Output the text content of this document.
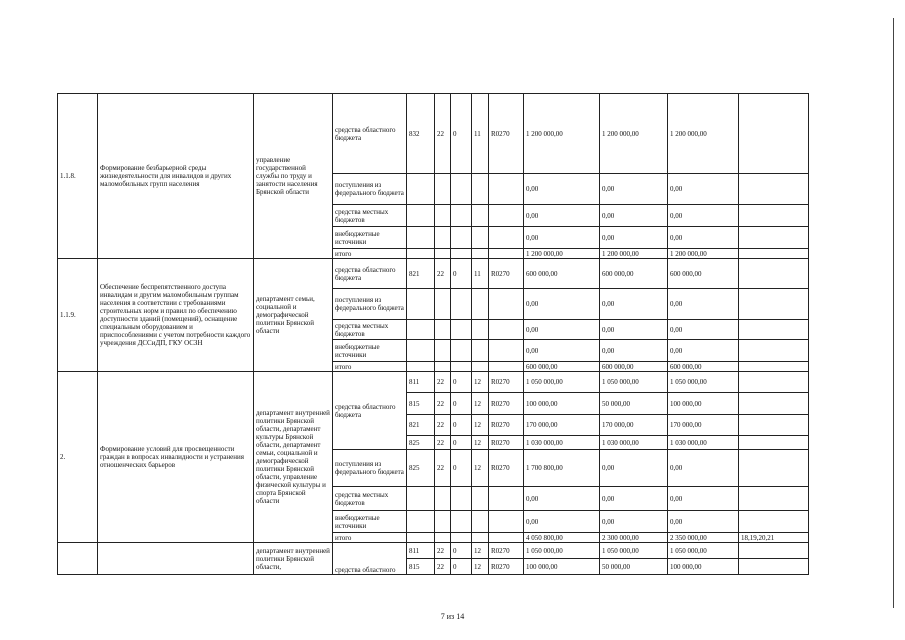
1.1.8.	Формирование безбарьерной среды жизнедеятельности для инвалидов и других маломобильных групп населения	управление государственной службы по труду и занятости населения Брянской области	средства областного бюджета	832	22	0	11	R0270	1 200 000,00	1 200 000,00	1 200 000,00	
			поступления из федерального бюджета						0,00	0,00	0,00	
			средства местных бюджетов						0,00	0,00	0,00	
			внебюджетные источники						0,00	0,00	0,00	
			итого						1 200 000,00	1 200 000,00	1 200 000,00	
1.1.9.	Обеспечение беспрепятственного доступа инвалидам и другим маломобильным группам населения в соответствии с требованиями строительных норм и правил по обеспечению доступности зданий (помещений), оснащение специальным оборудованием и приспособлениями с учетом потребности каждого учреждения ДССиДП, ГКУ ОСЗН	департамент семьи, социальной и демографической политики Брянской области	средства областного бюджета	821	22	0	11	R0270	600 000,00	600 000,00	600 000,00	
			поступления из федерального бюджета						0,00	0,00	0,00	
			средства местных бюджетов						0,00	0,00	0,00	
			внебюджетные источники						0,00	0,00	0,00	
			итого						600 000,00	600 000,00	600 000,00	
2.	Формирование условий для просвещенности граждан в вопросах инвалидности и устранения отношенческих барьеров	департамент внутренней политики Брянской области, департамент культуры Брянской области, департамент семьи, социальной и демографической политики Брянской области, управление физической культуры и спорта Брянской области	средства областного бюджета	811	22	0	12	R0270	1 050 000,00	1 050 000,00	1 050 000,00	
				815	22	0	12	R0270	100 000,00	50 000,00	100 000,00	
				821	22	0	12	R0270	170 000,00	170 000,00	170 000,00	
				825	22	0	12	R0270	1 030 000,00	1 030 000,00	1 030 000,00	
			поступления из федерального бюджета	825	22	0	12	R0270	1 700 800,00	0,00	0,00	
			средства местных бюджетов						0,00	0,00	0,00	
			внебюджетные источники						0,00	0,00	0,00	
			итого						4 050 800,00	2 300 000,00	2 350 000,00	18,19,20,21
		департамент внутренней политики Брянской области,	средства областного	811	22	0	12	R0270	1 050 000,00	1 050 000,00	1 050 000,00	
				815	22	0	12	R0270	100 000,00	50 000,00	100 000,00	
7 из 14
